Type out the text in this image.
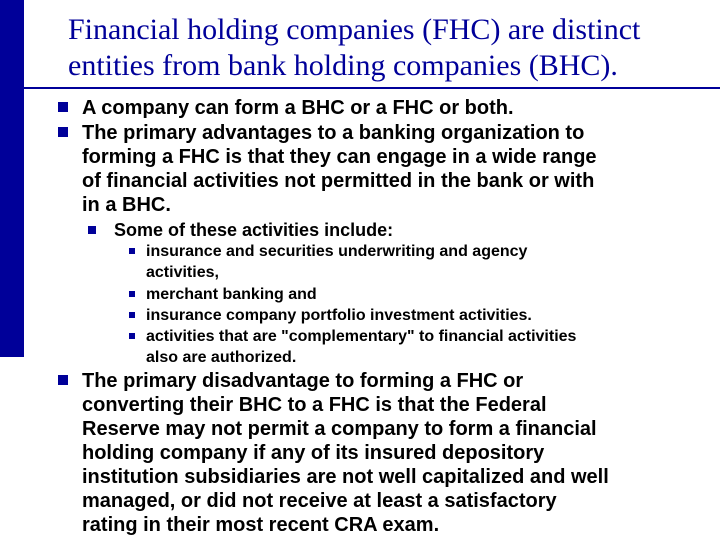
Financial holding companies (FHC) are distinct
entities from bank holding companies (BHC).
A company can form a BHC or a FHC or both.
The primary advantages to a banking organization to
forming a FHC is that they can engage in a wide range
of financial activities not permitted in the bank or with
in a BHC.
Some of these activities include:
insurance and securities underwriting and agency
activities,
merchant banking and
insurance company portfolio investment activities.
activities that are "complementary" to financial activities
also are authorized.
The primary disadvantage to forming a FHC or
converting their BHC to a FHC is that the Federal
Reserve may not permit a company to form a financial
holding company if any of its insured depository
institution subsidiaries are not well capitalized and well
managed, or did not receive at least a satisfactory
rating in their most recent CRA exam.
